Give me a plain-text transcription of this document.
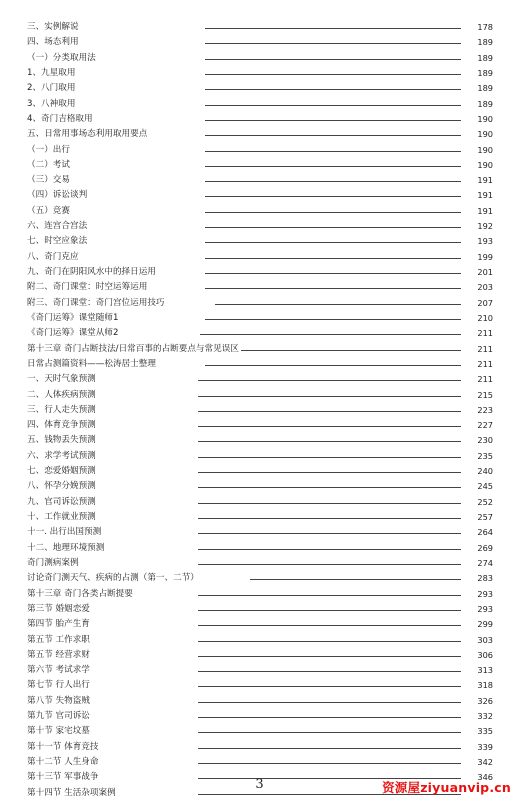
三、实例解说	178
四、场态利用	189
（一）分类取用法	189
1、九星取用	189
2、八门取用	189
3、八神取用	189
4、奇门吉格取用	190
五、日常用事场态利用取用要点	190
（一）出行	190
（二）考试	190
（三）交易	191
（四）诉讼谈判	191
（五）竞赛	191
六、连宫合宫法	192
七、时空应象法	193
八、奇门克应	199
九、奇门在阴阳风水中的择日运用	201
附二、奇门课堂：时空运筹运用	203
附三、奇门课堂：奇门宫位运用技巧	207
《奇门运筹》课堂随师1	210
《奇门运筹》课堂从师2	211
第十三章 奇门占断技法/日常百事的占断要点与常见误区	211
日常占测篇资料——松涛居士整理	211
一、天时气象预测	211
二、人体疾病预测	215
三、行人走失预测	223
四、体育竞争预测	227
五、钱物丢失预测	230
六、求学考试预测	235
七、恋爱婚姻预测	240
八、怀孕分娩预测	245
九、官司诉讼预测	252
十、工作就业预测	257
十一. 出行出国预测	264
十二、地理环境预测	269
奇门测病案例	274
讨论奇门测天气、疾病的占测（第一、二节）	283
第十三章 奇门各类占断提要	293
第三节 婚姻恋爱	293
第四节 胎产生育	299
第五节 工作求职	303
第五节 经营求财	306
第六节 考试求学	313
第七节 行人出行	318
第八节 失物盗贼	326
第九节 官司诉讼	332
第十节 家宅坟墓	335
第十一节 体育竞技	339
第十二节 人生身命	342
第十三节 军事战争	346
第十四节 生活杂项案例
3	资源屋ziyuanvip.cn
